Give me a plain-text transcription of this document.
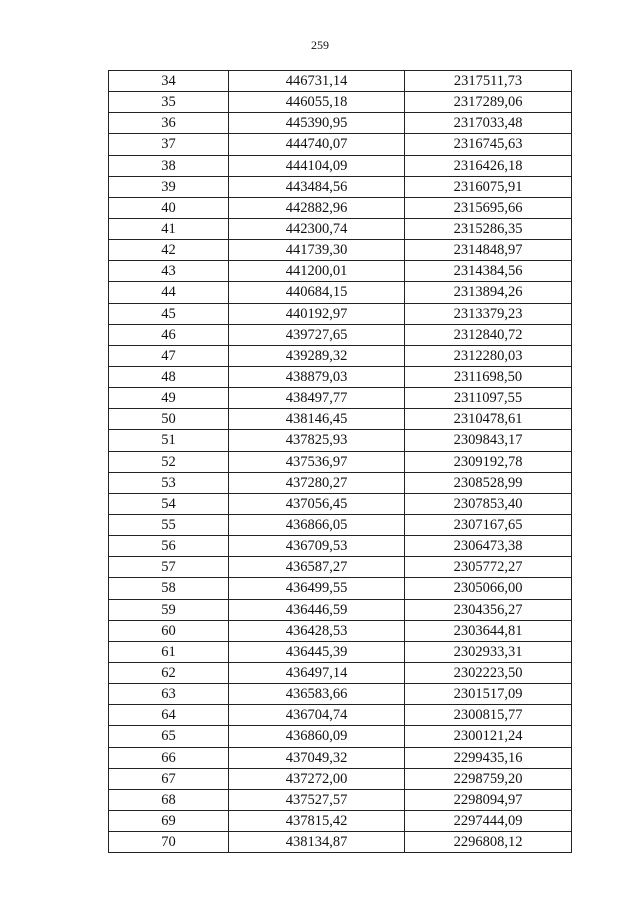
259
34	446731,14	2317511,73
35	446055,18	2317289,06
36	445390,95	2317033,48
37	444740,07	2316745,63
38	444104,09	2316426,18
39	443484,56	2316075,91
40	442882,96	2315695,66
41	442300,74	2315286,35
42	441739,30	2314848,97
43	441200,01	2314384,56
44	440684,15	2313894,26
45	440192,97	2313379,23
46	439727,65	2312840,72
47	439289,32	2312280,03
48	438879,03	2311698,50
49	438497,77	2311097,55
50	438146,45	2310478,61
51	437825,93	2309843,17
52	437536,97	2309192,78
53	437280,27	2308528,99
54	437056,45	2307853,40
55	436866,05	2307167,65
56	436709,53	2306473,38
57	436587,27	2305772,27
58	436499,55	2305066,00
59	436446,59	2304356,27
60	436428,53	2303644,81
61	436445,39	2302933,31
62	436497,14	2302223,50
63	436583,66	2301517,09
64	436704,74	2300815,77
65	436860,09	2300121,24
66	437049,32	2299435,16
67	437272,00	2298759,20
68	437527,57	2298094,97
69	437815,42	2297444,09
70	438134,87	2296808,12
